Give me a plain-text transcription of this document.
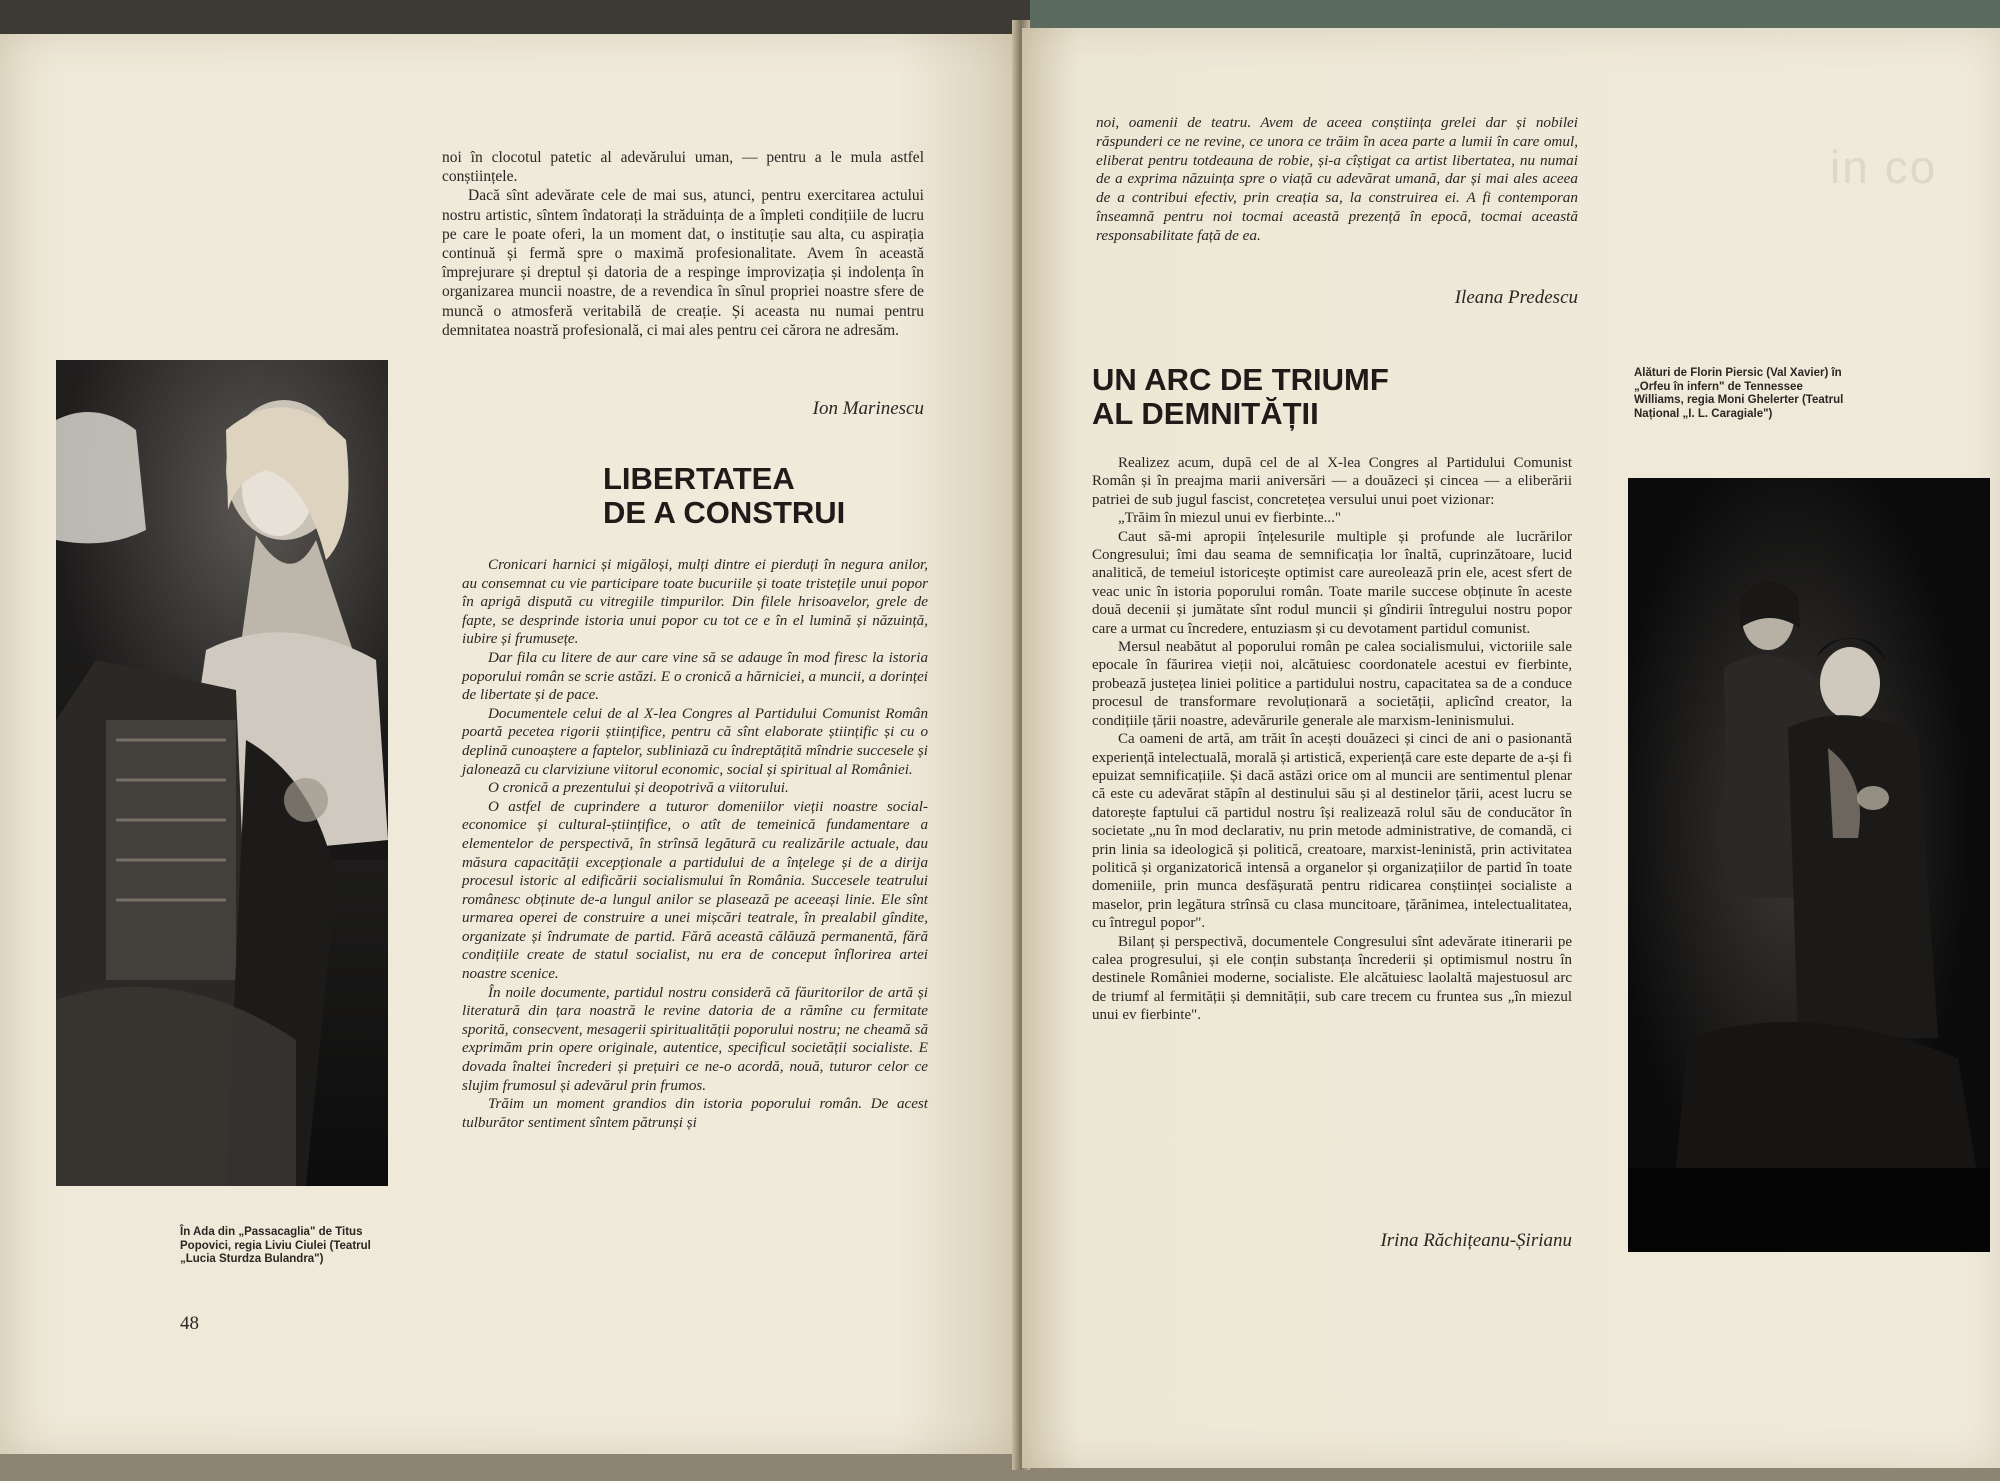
noi în clocotul patetic al adevărului uman, — pentru a le mula astfel conștiințele.

Dacă sînt adevărate cele de mai sus, atunci, pentru exercitarea actului nostru artistic, sîntem îndatorați la străduința de a împleti condițiile de lucru pe care le poate oferi, la un moment dat, o instituție sau alta, cu aspirația continuă și fermă spre o maximă profesionalitate. Avem în această împrejurare și dreptul și datoria de a respinge improvizația și indolența în organizarea muncii noastre, de a revendica în sînul propriei noastre sfere de muncă o atmosferă veritabilă de creație. Și aceasta nu numai pentru demnitatea noastră profesională, ci mai ales pentru cei cărora ne adresăm.

Ion Marinescu

În Ada din „Passacaglia" de Titus Popovici, regia Liviu Ciulei (Teatrul „Lucia Sturdza Bulandra")

LIBERTATEA
DE A CONSTRUI

Cronicari harnici și migăloși, mulți dintre ei pierduți în negura anilor, au consemnat cu vie participare toate bucuriile și toate tristețile unui popor în aprigă dispută cu vitregiile timpurilor. Din filele hrisoavelor, grele de fapte, se desprinde istoria unui popor cu tot ce e în el lumină și năzuință, iubire și frumusețe.

Dar fila cu litere de aur care vine să se adauge în mod firesc la istoria poporului român se scrie astăzi. E o cronică a hărniciei, a muncii, a dorinței de libertate și de pace.

Documentele celui de al X-lea Congres al Partidului Comunist Român poartă pecetea rigorii științifice, pentru că sînt elaborate științific și cu o deplină cunoaștere a faptelor, subliniază cu îndreptățită mîndrie succesele și jalonează cu clarviziune viitorul economic, social și spiritual al României.

O cronică a prezentului și deopotrivă a viitorului.

O astfel de cuprindere a tuturor domeniilor vieții noastre social-economice și cultural-științifice, o atît de temeinică fundamentare a elementelor de perspectivă, în strînsă legătură cu realizările actuale, dau măsura capacității excepționale a partidului de a înțelege și de a dirija procesul istoric al edificării socialismului în România. Succesele teatrului românesc obținute de-a lungul anilor se plasează pe aceeași linie. Ele sînt urmarea operei de construire a unei mișcări teatrale, în prealabil gîndite, organizate și îndrumate de partid. Fără această călăuză permanentă, fără condițiile create de statul socialist, nu era de conceput înflorirea artei noastre scenice.

În noile documente, partidul nostru consideră că făuritorilor de artă și literatură din țara noastră le revine datoria de a rămîne cu fermitate sporită, consecvent, mesagerii spiritualității poporului nostru; ne cheamă să exprimăm prin opere originale, autentice, specificul societății socialiste. E dovada înaltei încrederi și prețuiri ce ne-o acordă, nouă, tuturor celor ce slujim frumosul și adevărul prin frumos.

Trăim un moment grandios din istoria poporului român. De acest tulburător sentiment sîntem pătrunși și

48
in co

noi, oamenii de teatru. Avem de aceea conștiința grelei dar și nobilei răspunderi ce ne revine, ce unora ce trăim în acea parte a lumii în care omul, eliberat pentru totdeauna de robie, și-a cîștigat ca artist libertatea, nu numai de a exprima năzuința spre o viață cu adevărat umană, dar și mai ales aceea de a contribui efectiv, prin creația sa, la construirea ei. A fi contemporan înseamnă pentru noi tocmai această prezență în epocă, tocmai această responsabilitate față de ea.

Ileana Predescu
UN ARC DE TRIUMF
AL DEMNITĂȚII

Realizez acum, după cel de al X-lea Congres al Partidului Comunist Român și în preajma marii aniversări — a douăzeci și cincea — a eliberării patriei de sub jugul fascist, concretețea versului unui poet vizionar:

„Trăim în miezul unui ev fierbinte..."

Caut să-mi apropii înțelesurile multiple și profunde ale lucrărilor Congresului; îmi dau seama de semnificația lor înaltă, cuprinzătoare, lucid analitică, de temeiul istoricește optimist care aureolează prin ele, acest sfert de veac unic în istoria poporului român. Toate marile succese obținute în aceste două decenii și jumătate sînt rodul muncii și gîndirii întregului nostru popor care a urmat cu încredere, entuziasm și cu devotament partidul comunist.

Mersul neabătut al poporului român pe calea socialismului, victoriile sale epocale în făurirea vieții noi, alcătuiesc coordonatele acestui ev fierbinte, probează justețea liniei politice a partidului nostru, capacitatea sa de a conduce procesul de transformare revoluționară a societății, aplicînd creator, la condițiile țării noastre, adevărurile generale ale marxism-leninismului.

Ca oameni de artă, am trăit în acești douăzeci și cinci de ani o pasionantă experiență intelectuală, morală și artistică, experiență care este departe de a-și fi epuizat semnificațiile. Și dacă astăzi orice om al muncii are sentimentul plenar că este cu adevărat stăpîn al destinului său și al destinelor țării, acest lucru se datorește faptului că partidul nostru își realizează rolul său de conducător în societate „nu în mod declarativ, nu prin metode administrative, de comandă, ci prin linia sa ideologică și politică, creatoare, marxist-leninistă, prin activitatea politică și organizatorică intensă a organelor și organizațiilor de partid în toate domeniile, prin munca desfășurată pentru ridicarea conștiinței socialiste a maselor, prin legătura strînsă cu clasa muncitoare, țărănimea, intelectualitatea, cu întregul popor".

Bilanț și perspectivă, documentele Congresului sînt adevărate itinerarii pe calea progresului, și ele conțin substanța încrederii și optimismul nostru în destinele României moderne, socialiste. Ele alcătuiesc laolaltă majestuosul arc de triumf al fermității și demnității, sub care trecem cu fruntea sus „în miezul unui ev fierbinte".

Irina Răchițeanu-Șirianu

Alături de Florin Piersic (Val Xavier) în „Orfeu în infern" de Tennessee Williams, regia Moni Ghelerter (Teatrul Național „I. L. Caragiale")
